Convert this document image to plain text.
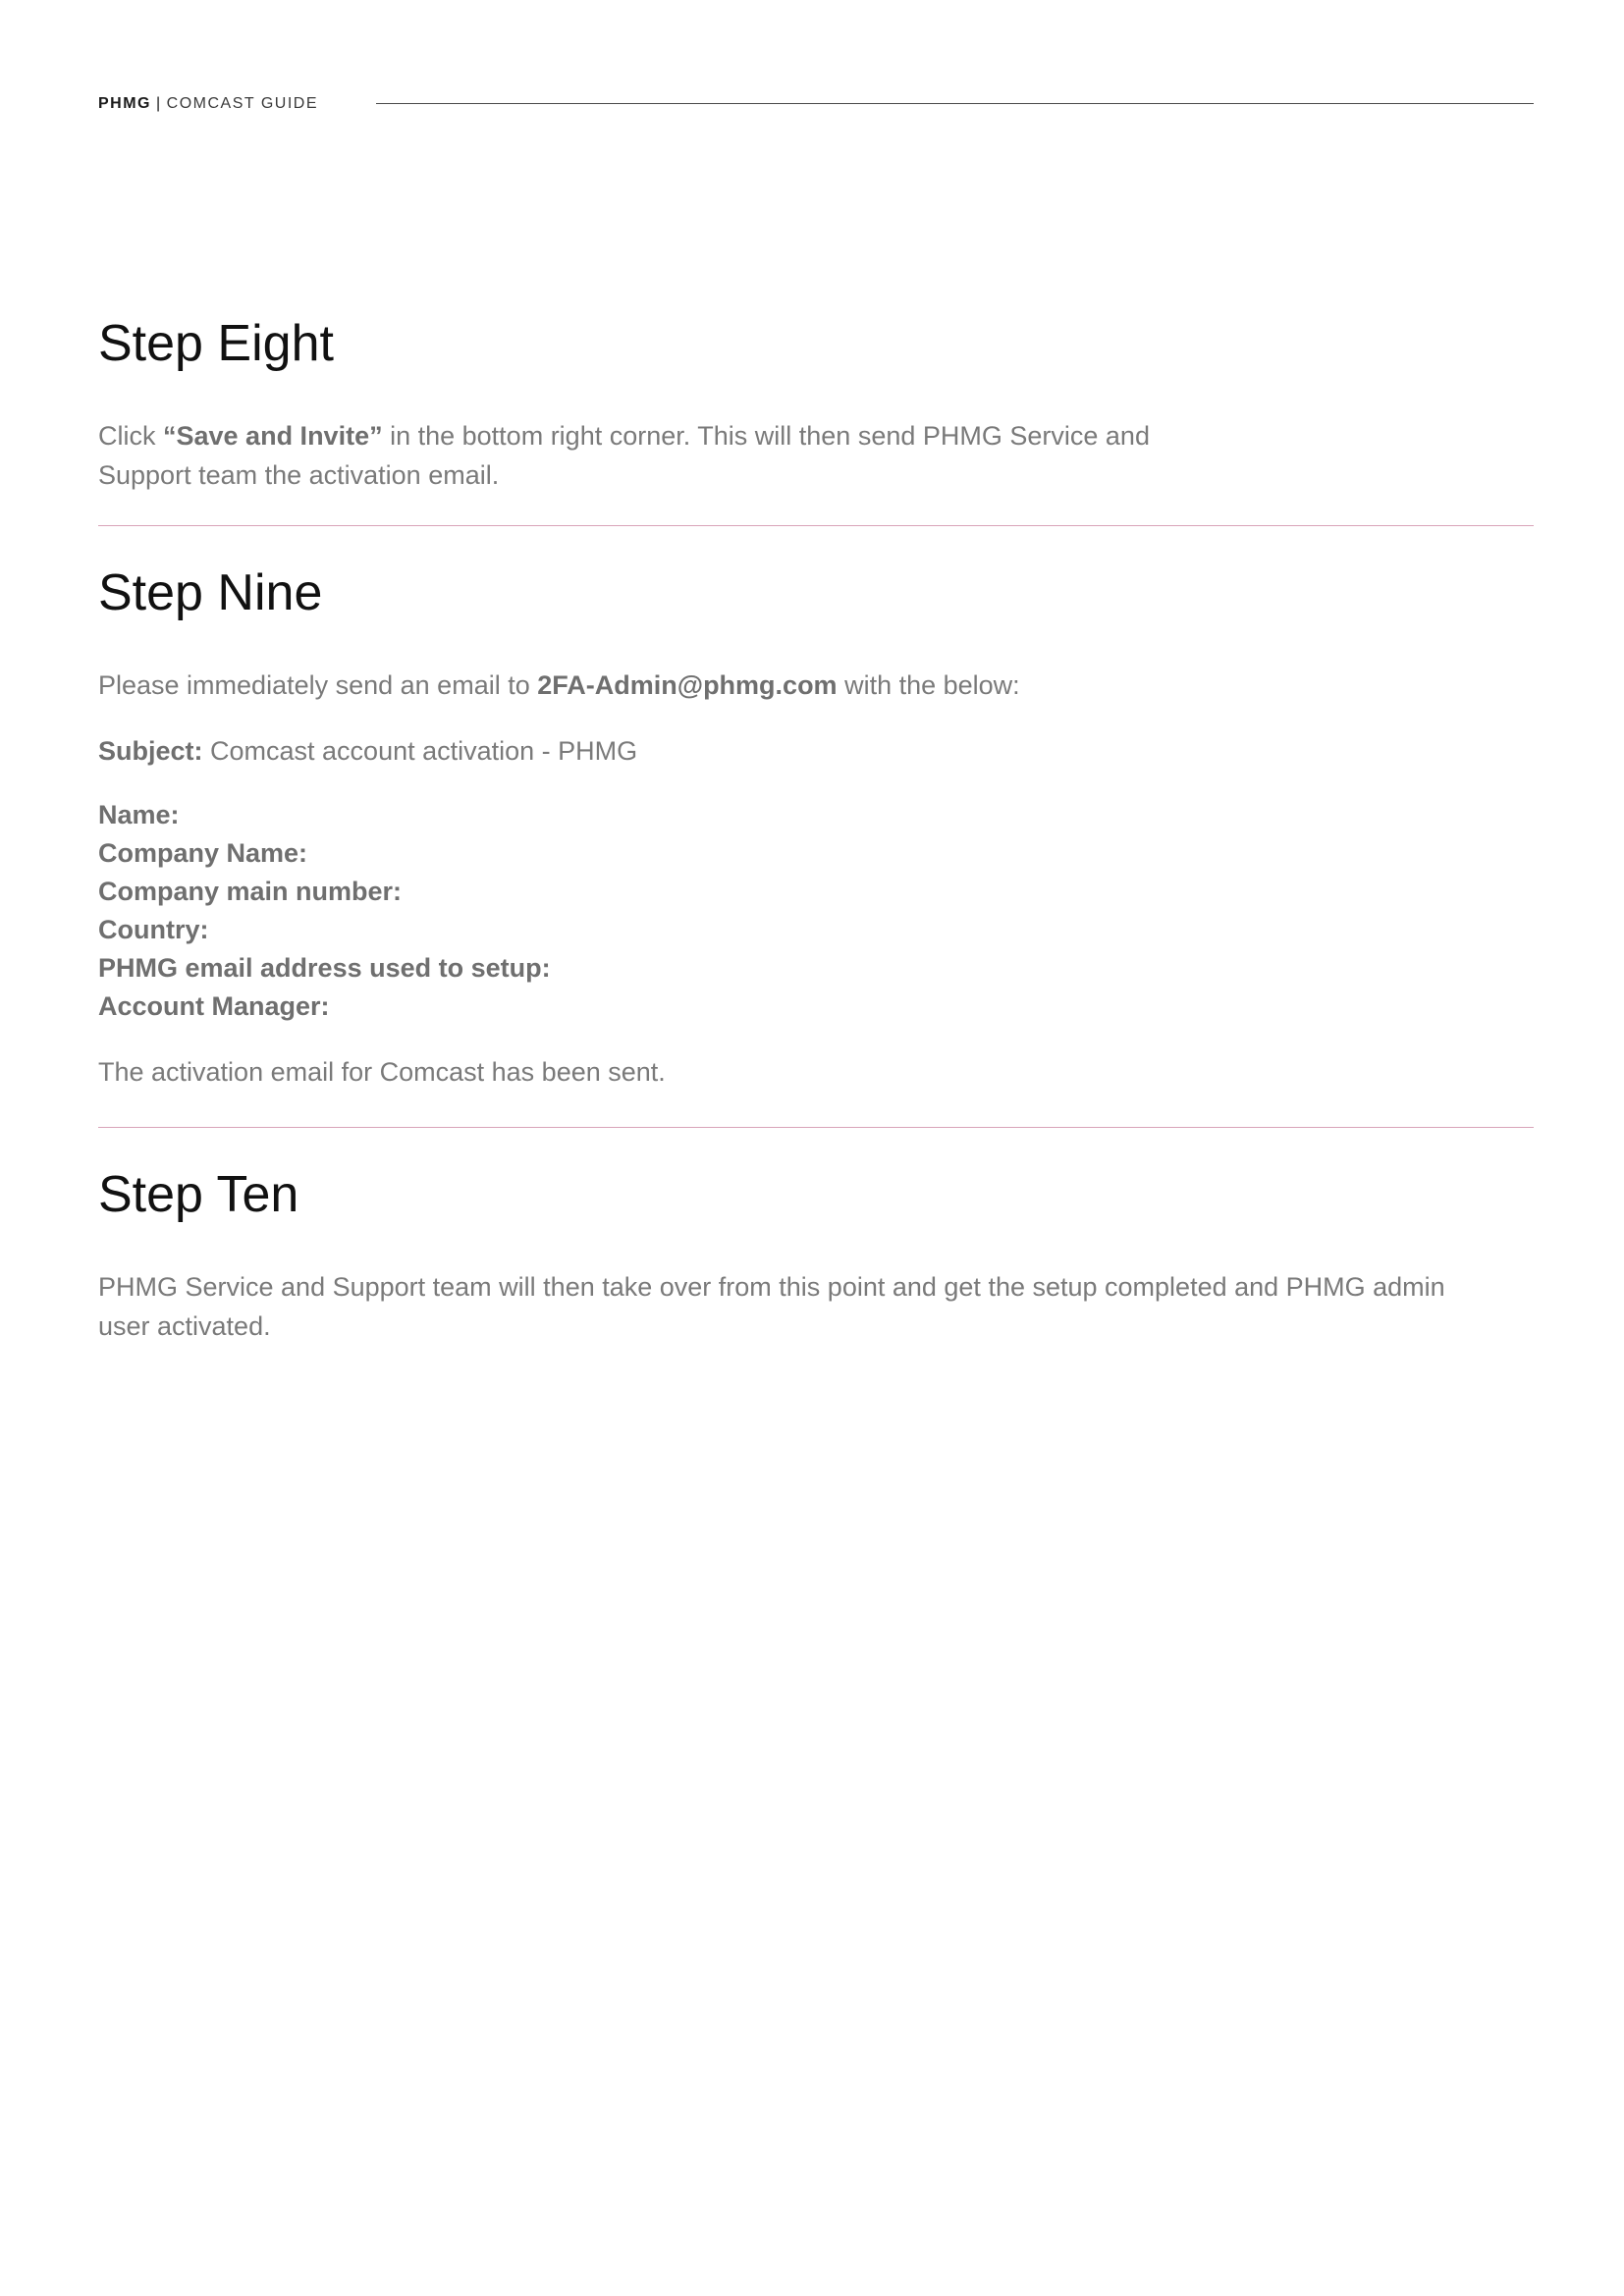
PHMG | COMCAST GUIDE
Step Eight

Click “Save and Invite” in the bottom right corner. This will then send PHMG Service and
Support team the activation email.

Step Nine

Please immediately send an email to 2FA-Admin@phmg.com with the below:

Subject: Comcast account activation - PHMG

Name:
Company Name:
Company main number:
Country:
PHMG email address used to setup:
Account Manager:

The activation email for Comcast has been sent.

Step Ten

PHMG Service and Support team will then take over from this point and get the setup completed and PHMG admin
user activated.
